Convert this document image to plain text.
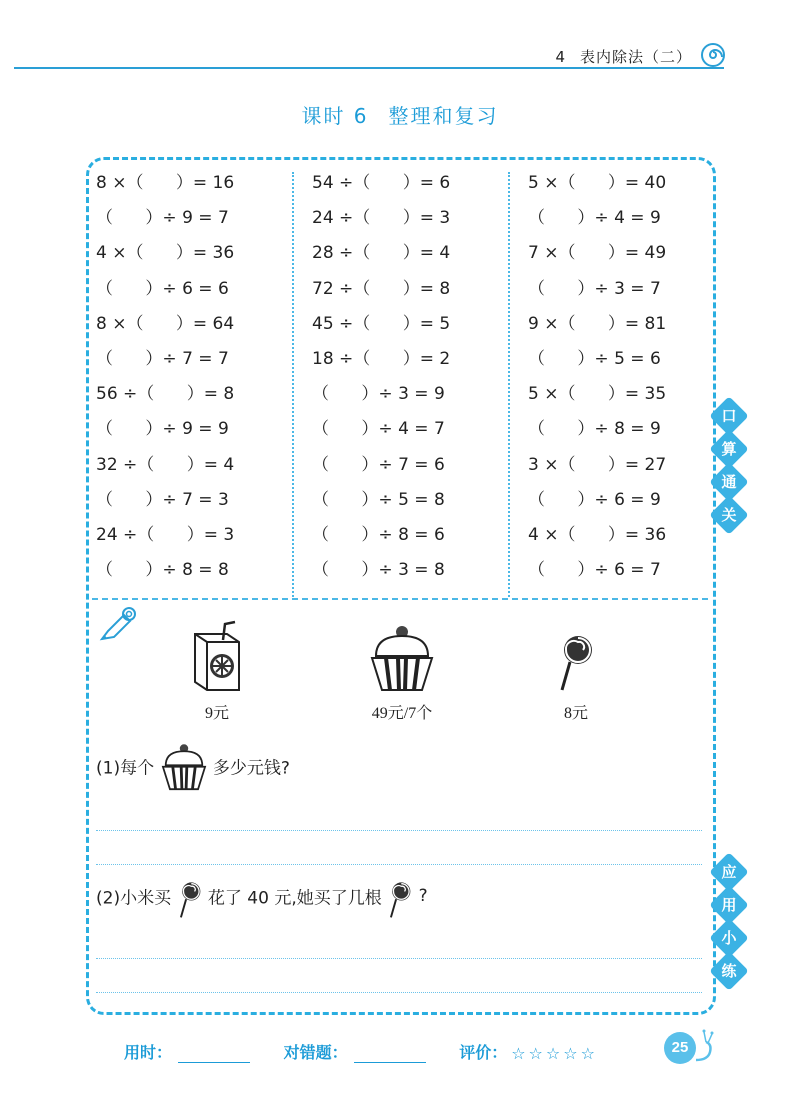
4 表内除法（二）
课时 6 整理和复习
8 ×（      ）= 16
（      ）÷ 9 = 7
4 ×（      ）= 36
（      ）÷ 6 = 6
8 ×（      ）= 64
（      ）÷ 7 = 7
56 ÷（      ）= 8
（      ）÷ 9 = 9
32 ÷（      ）= 4
（      ）÷ 7 = 3
24 ÷（      ）= 3
（      ）÷ 8 = 8
54 ÷（      ）= 6
24 ÷（      ）= 3
28 ÷（      ）= 4
72 ÷（      ）= 8
45 ÷（      ）= 5
18 ÷（      ）= 2
（      ）÷ 3 = 9
（      ）÷ 4 = 7
（      ）÷ 7 = 6
（      ）÷ 5 = 8
（      ）÷ 8 = 6
（      ）÷ 3 = 8
5 ×（      ）= 40
（      ）÷ 4 = 9
7 ×（      ）= 49
（      ）÷ 3 = 7
9 ×（      ）= 81
（      ）÷ 5 = 6
5 ×（      ）= 35
（      ）÷ 8 = 9
3 ×（      ）= 27
（      ）÷ 6 = 9
4 ×（      ）= 36
（      ）÷ 6 = 7
口
算
通
关
应
用
小
练
9元	49元/7个	8元
(1)每个	多少元钱?
(2)小米买 花了 40 元,她买了几根 ?
用时：	对错题：	评价： ☆☆☆☆☆	25
